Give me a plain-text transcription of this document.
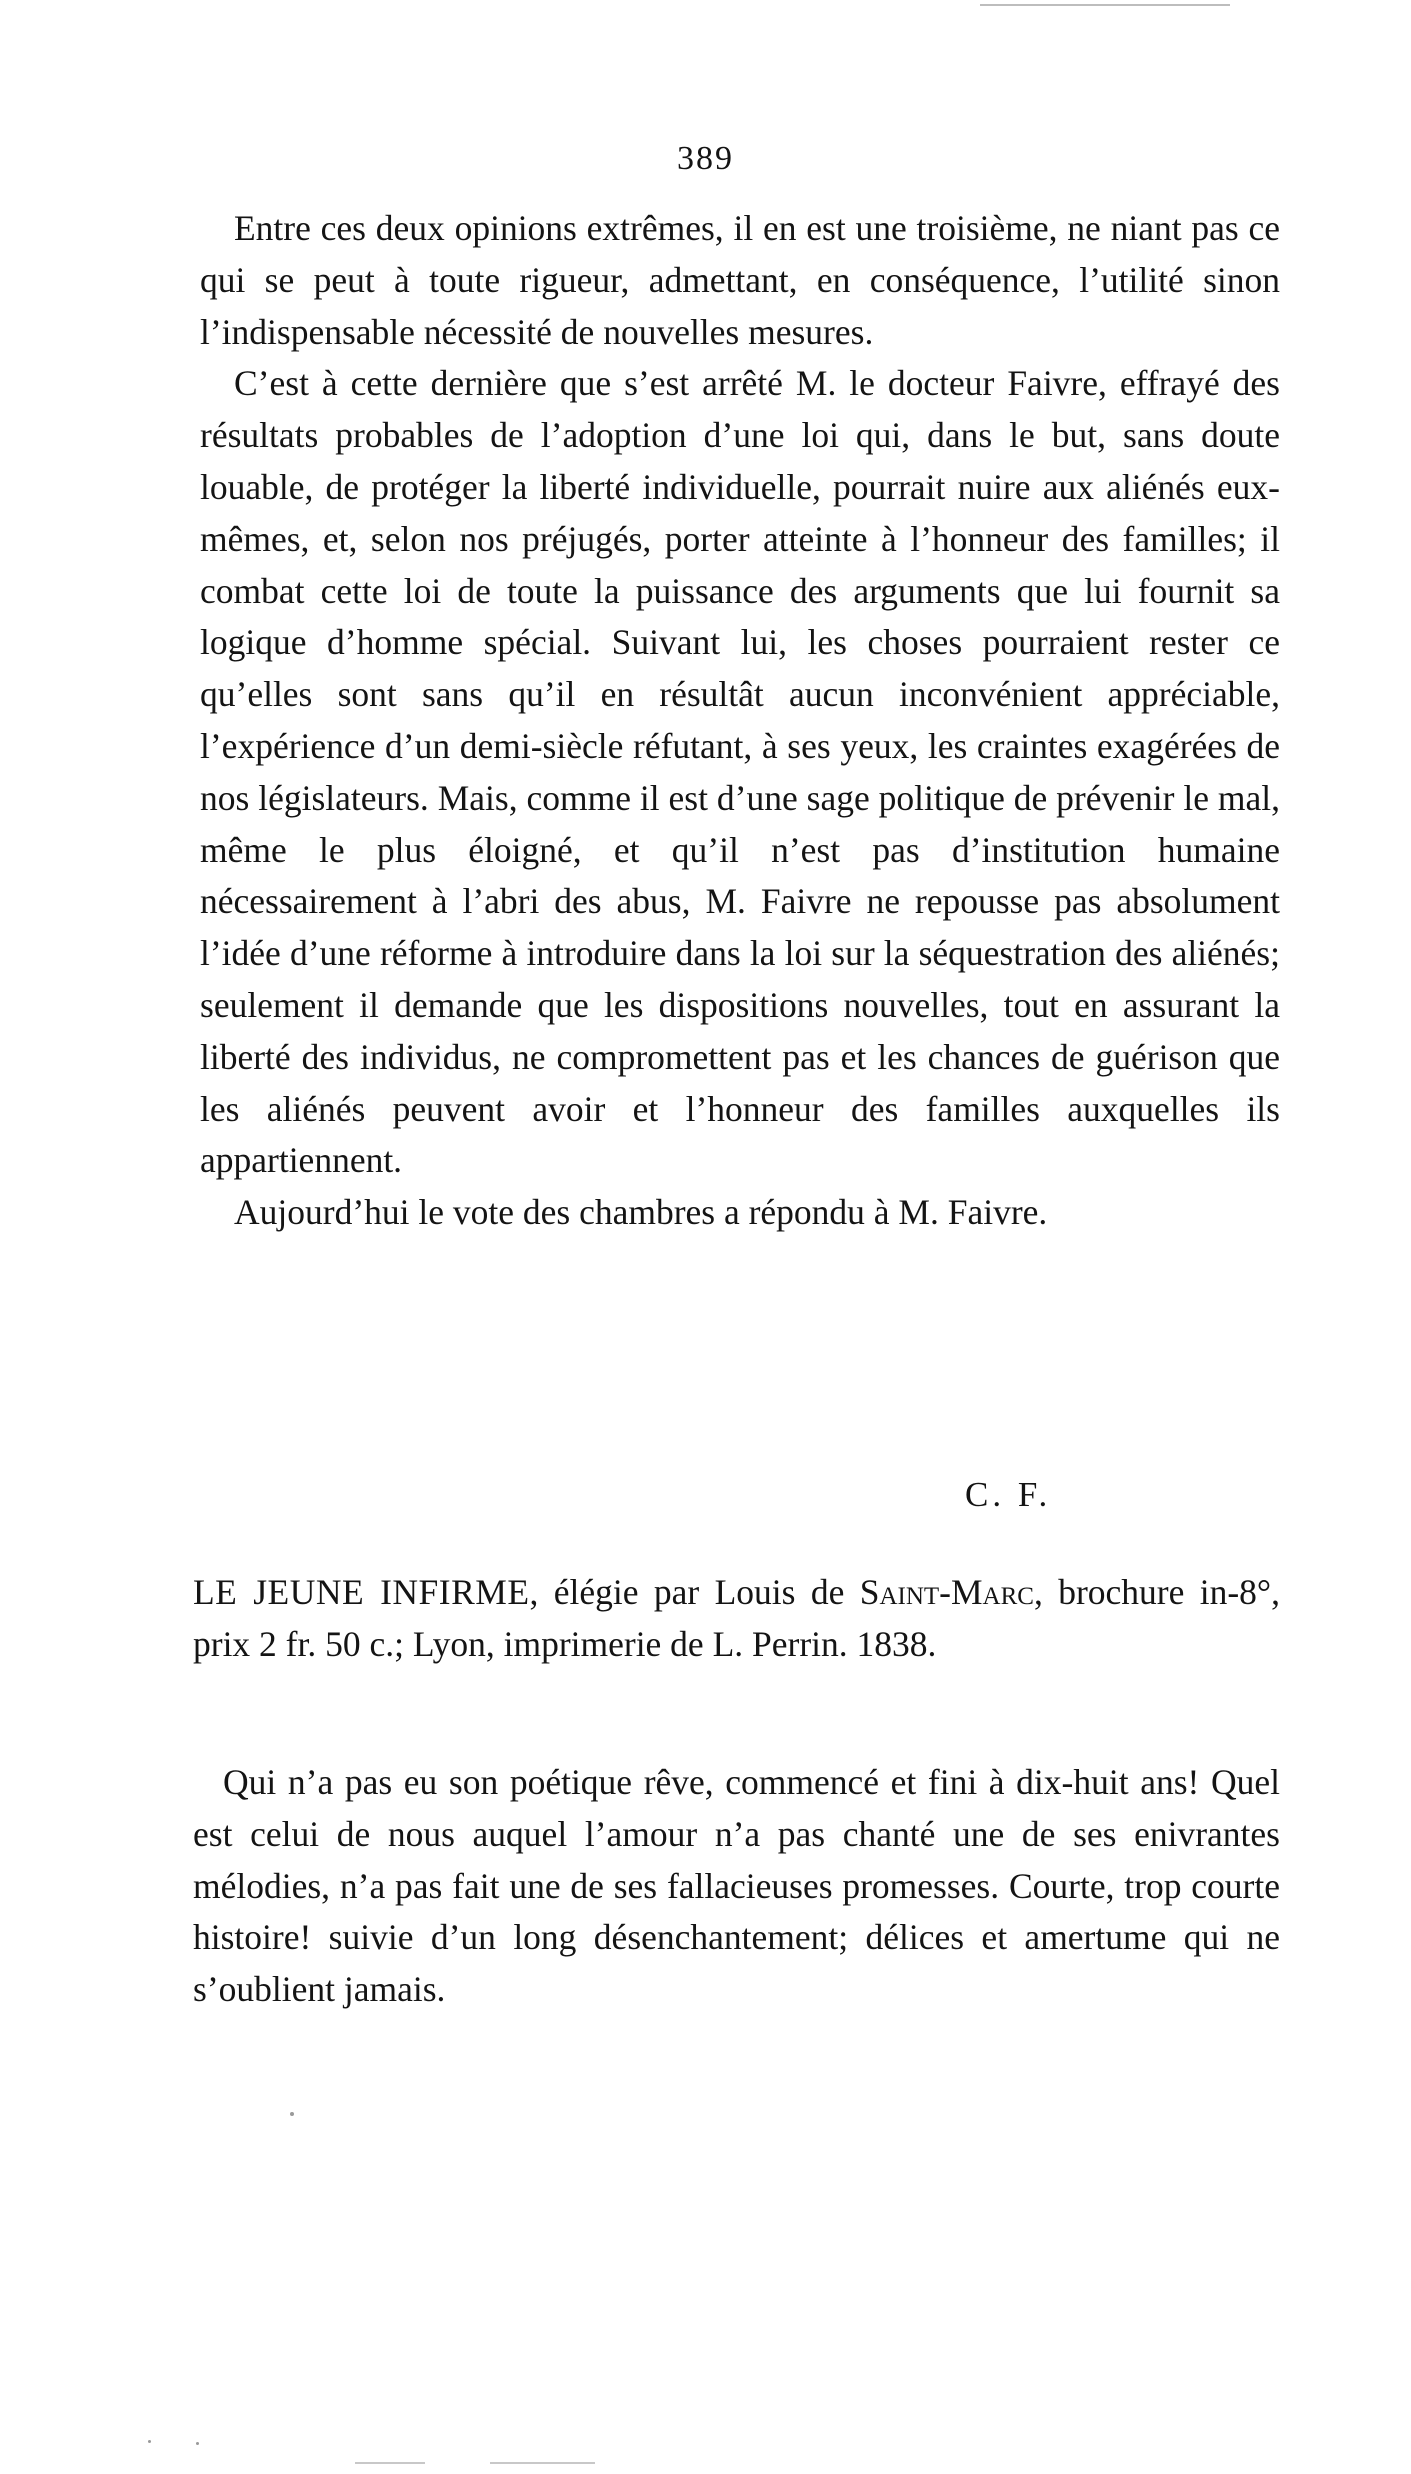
389

Entre ces deux opinions extrêmes, il en est une troisième, ne niant pas ce qui se peut à toute rigueur, admettant, en conséquence, l’utilité sinon l’indispensable nécessité de nouvelles mesures.

C’est à cette dernière que s’est arrêté M. le docteur Faivre, effrayé des résultats probables de l’adoption d’une loi qui, dans le but, sans doute louable, de protéger la liberté individuelle, pourrait nuire aux aliénés eux-mêmes, et, selon nos préjugés, porter atteinte à l’honneur des familles; il combat cette loi de toute la puissance des arguments que lui fournit sa logique d’homme spécial. Suivant lui, les choses pourraient rester ce qu’elles sont sans qu’il en résultât aucun inconvénient appréciable, l’expérience d’un demi-siècle réfutant, à ses yeux, les craintes exagérées de nos législateurs. Mais, comme il est d’une sage politique de prévenir le mal, même le plus éloigné, et qu’il n’est pas d’institution humaine nécessairement à l’abri des abus, M. Faivre ne repousse pas absolument l’idée d’une réforme à introduire dans la loi sur la séquestration des aliénés; seulement il demande que les dispositions nouvelles, tout en assurant la liberté des individus, ne compromettent pas et les chances de guérison que les aliénés peuvent avoir et l’honneur des familles auxquelles ils appartiennent.

Aujourd’hui le vote des chambres a répondu à M. Faivre.

C. F.
LE JEUNE INFIRME, élégie par Louis de Saint-Marc, brochure in-8°, prix 2 fr. 50 c.; Lyon, imprimerie de L. Perrin. 1838.

Qui n’a pas eu son poétique rêve, commencé et fini à dix-huit ans! Quel est celui de nous auquel l’amour n’a pas chanté une de ses enivrantes mélodies, n’a pas fait une de ses fallacieuses promesses. Courte, trop courte histoire! suivie d’un long désenchantement; délices et amertume qui ne s’oublient jamais.
